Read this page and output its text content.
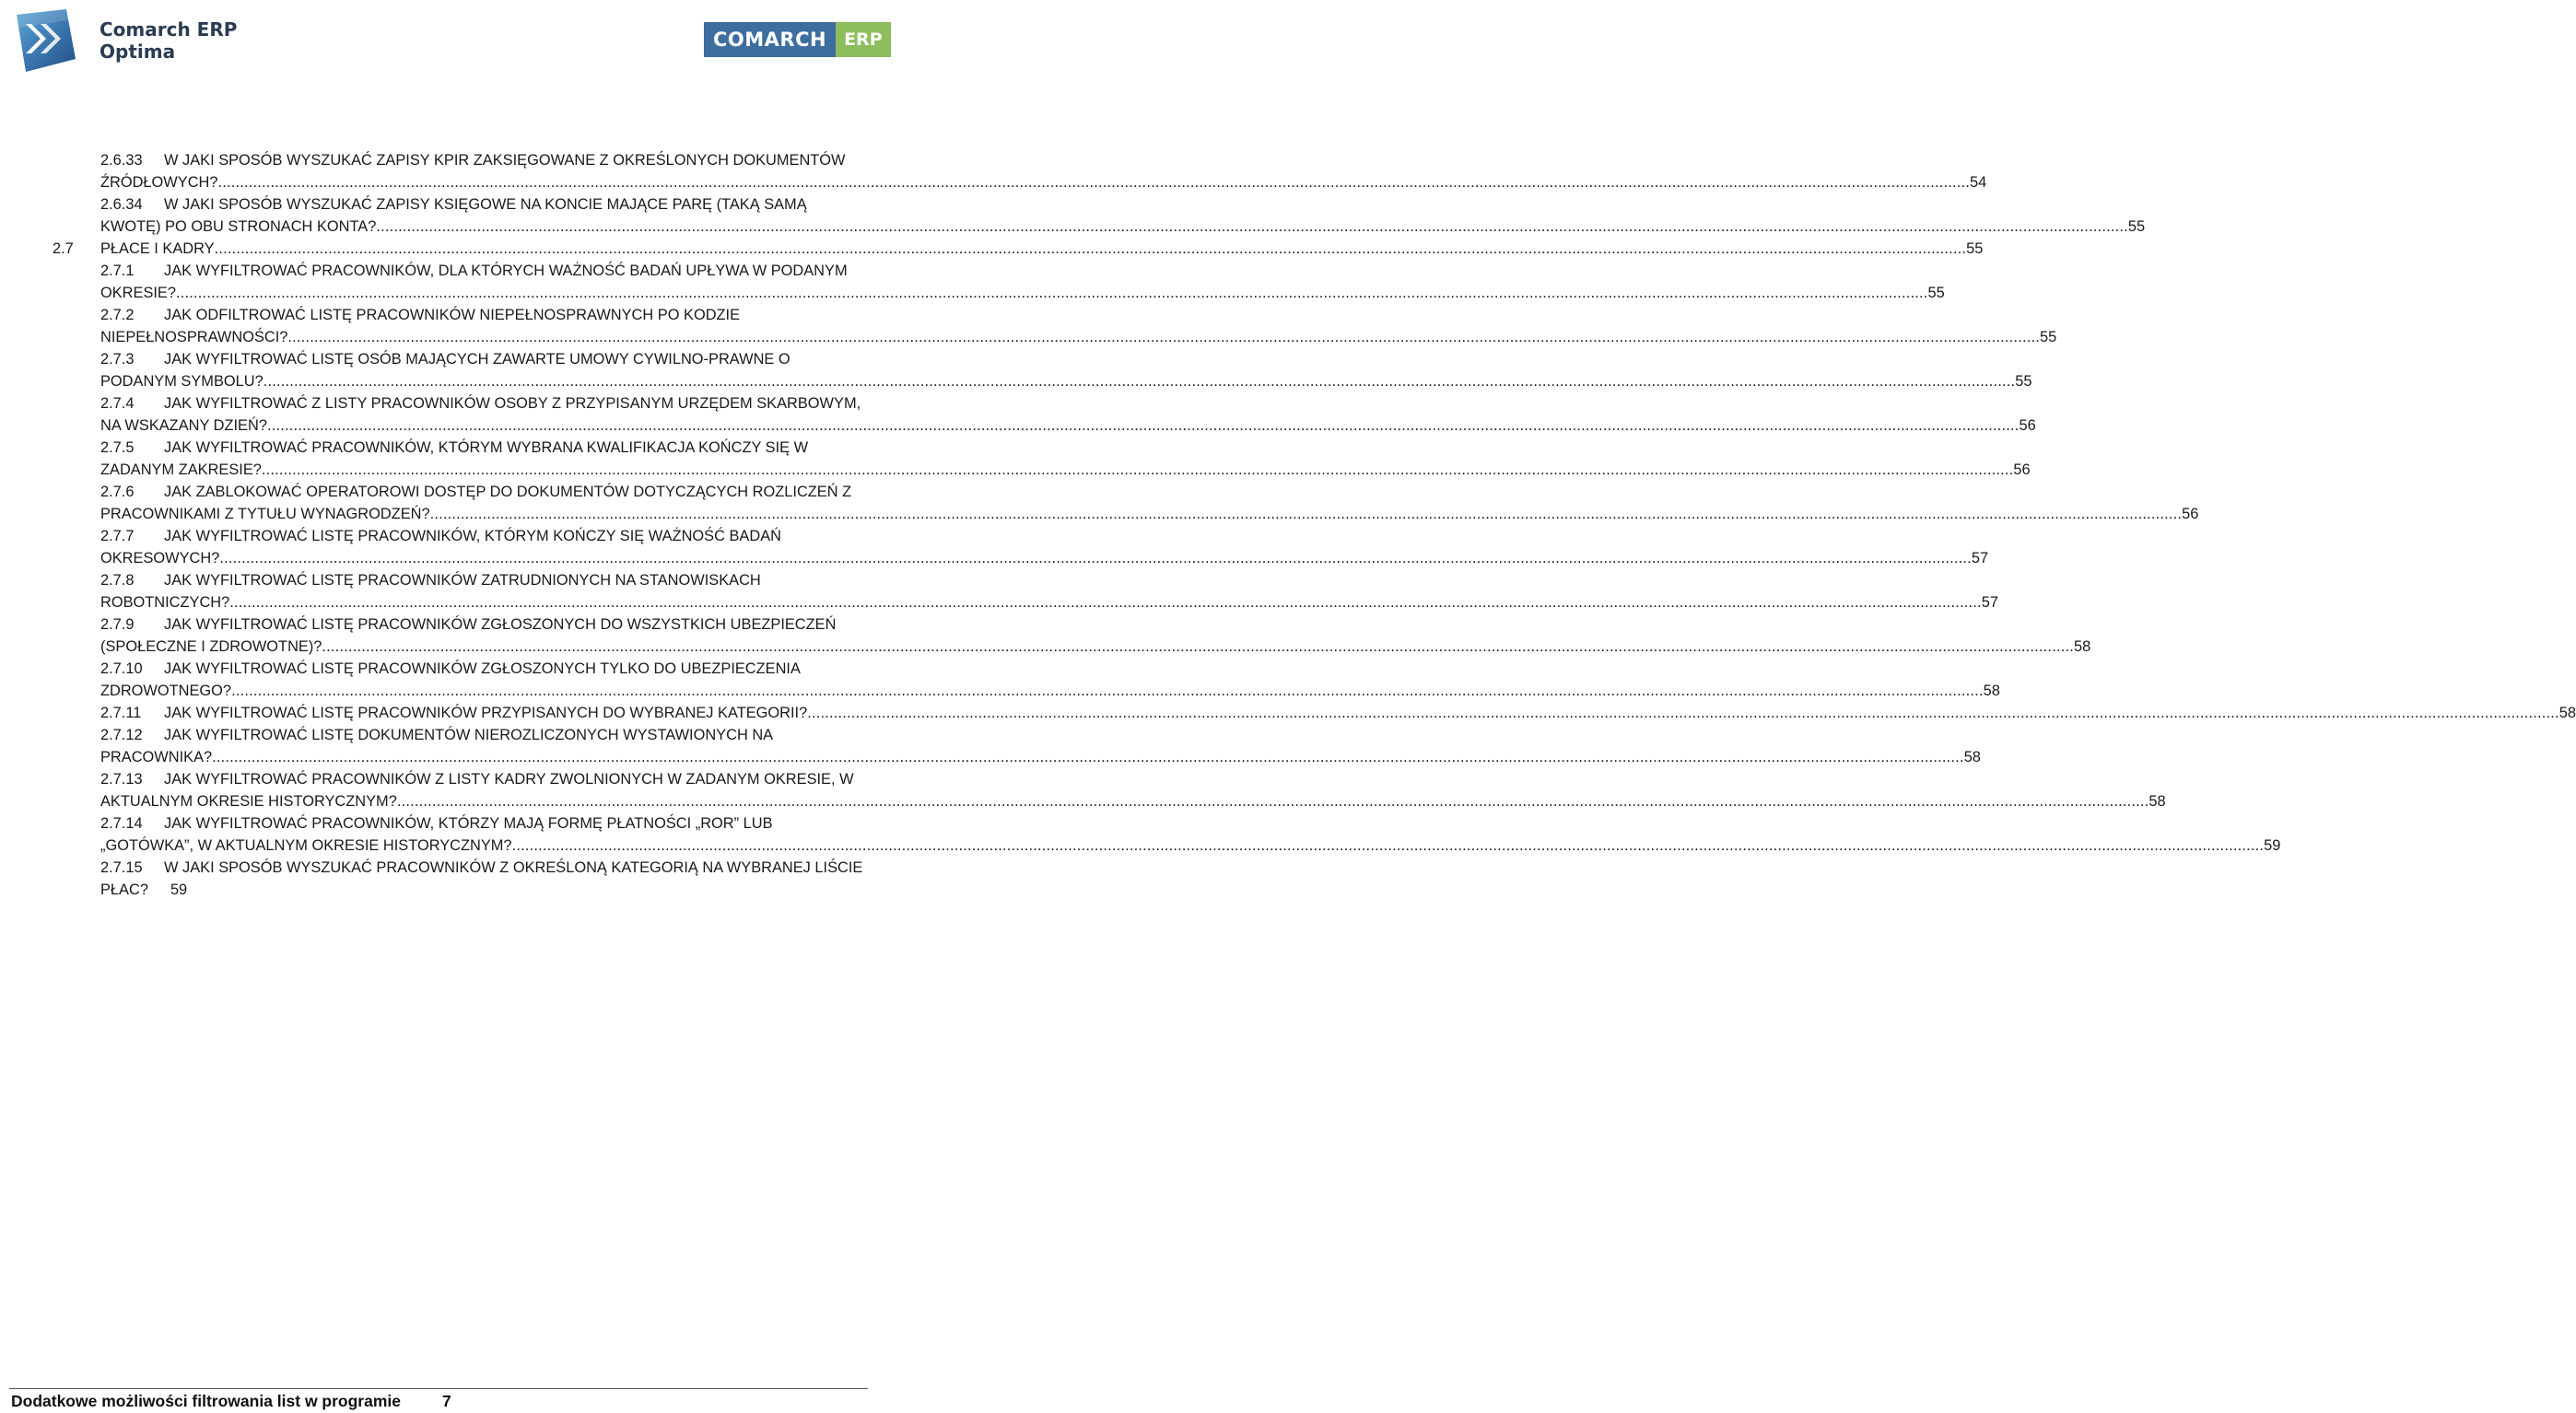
Comarch ERP
Optima
COMARCH	ERP
2.6.33 W JAKI SPOSÓB WYSZUKAĆ ZAPISY KPIR ZAKSIĘGOWANE Z OKREŚLONYCH DOKUMENTÓW
ŹRÓDŁOWYCH? ................................................................................................................................................................................................................................................................................................................................................................................................................ 54
2.6.34 W JAKI SPOSÓB WYSZUKAĆ ZAPISY KSIĘGOWE NA KONCIE MAJĄCE PARĘ (TAKĄ SAMĄ
KWOTĘ) PO OBU STRONACH KONTA? ................................................................................................................................................................................................................................................................................................................................................................................................................ 55
2.7 PŁACE I KADRY ................................................................................................................................................................................................................................................................................................................................................................................................................ 55
2.7.1 JAK WYFILTROWAĆ PRACOWNIKÓW, DLA KTÓRYCH WAŻNOŚĆ BADAŃ UPŁYWA W PODANYM
OKRESIE? ................................................................................................................................................................................................................................................................................................................................................................................................................ 55
2.7.2 JAK ODFILTROWAĆ LISTĘ PRACOWNIKÓW NIEPEŁNOSPRAWNYCH PO KODZIE
NIEPEŁNOSPRAWNOŚCI? ................................................................................................................................................................................................................................................................................................................................................................................................................ 55
2.7.3 JAK WYFILTROWAĆ LISTĘ OSÓB MAJĄCYCH ZAWARTE UMOWY CYWILNO-PRAWNE O
PODANYM SYMBOLU? ................................................................................................................................................................................................................................................................................................................................................................................................................ 55
2.7.4 JAK WYFILTROWAĆ Z LISTY PRACOWNIKÓW OSOBY Z PRZYPISANYM URZĘDEM SKARBOWYM,
NA WSKAZANY DZIEŃ? ................................................................................................................................................................................................................................................................................................................................................................................................................ 56
2.7.5 JAK WYFILTROWAĆ PRACOWNIKÓW, KTÓRYM WYBRANA KWALIFIKACJA KOŃCZY SIĘ W
ZADANYM ZAKRESIE? ................................................................................................................................................................................................................................................................................................................................................................................................................ 56
2.7.6 JAK ZABLOKOWAĆ OPERATOROWI DOSTĘP DO DOKUMENTÓW DOTYCZĄCYCH ROZLICZEŃ Z
PRACOWNIKAMI Z TYTUŁU WYNAGRODZEŃ? ................................................................................................................................................................................................................................................................................................................................................................................................................ 56
2.7.7 JAK WYFILTROWAĆ LISTĘ PRACOWNIKÓW, KTÓRYM KOŃCZY SIĘ WAŻNOŚĆ BADAŃ
OKRESOWYCH? ................................................................................................................................................................................................................................................................................................................................................................................................................ 57
2.7.8 JAK WYFILTROWAĆ LISTĘ PRACOWNIKÓW ZATRUDNIONYCH NA STANOWISKACH
ROBOTNICZYCH? ................................................................................................................................................................................................................................................................................................................................................................................................................ 57
2.7.9 JAK WYFILTROWAĆ LISTĘ PRACOWNIKÓW ZGŁOSZONYCH DO WSZYSTKICH UBEZPIECZEŃ
(SPOŁECZNE I ZDROWOTNE)? ................................................................................................................................................................................................................................................................................................................................................................................................................ 58
2.7.10 JAK WYFILTROWAĆ LISTĘ PRACOWNIKÓW ZGŁOSZONYCH TYLKO DO UBEZPIECZENIA
ZDROWOTNEGO? ................................................................................................................................................................................................................................................................................................................................................................................................................ 58
2.7.11 JAK WYFILTROWAĆ LISTĘ PRACOWNIKÓW PRZYPISANYCH DO WYBRANEJ KATEGORII? ................................................................................................................................................................................................................................................................................................................................................................................................................ 58
2.7.12 JAK WYFILTROWAĆ LISTĘ DOKUMENTÓW NIEROZLICZONYCH WYSTAWIONYCH NA
PRACOWNIKA? ................................................................................................................................................................................................................................................................................................................................................................................................................ 58
2.7.13 JAK WYFILTROWAĆ PRACOWNIKÓW Z LISTY KADRY ZWOLNIONYCH W ZADANYM OKRESIE, W
AKTUALNYM OKRESIE HISTORYCZNYM? ................................................................................................................................................................................................................................................................................................................................................................................................................ 58
2.7.14 JAK WYFILTROWAĆ PRACOWNIKÓW, KTÓRZY MAJĄ FORMĘ PŁATNOŚCI „ROR” LUB
„GOTÓWKA”, W AKTUALNYM OKRESIE HISTORYCZNYM? ................................................................................................................................................................................................................................................................................................................................................................................................................ 59
2.7.15 W JAKI SPOSÓB WYSZUKAĆ PRACOWNIKÓW Z OKREŚLONĄ KATEGORIĄ NA WYBRANEJ LIŚCIE
PŁAC? 59
Dodatkowe możliwości filtrowania list w programie	7
